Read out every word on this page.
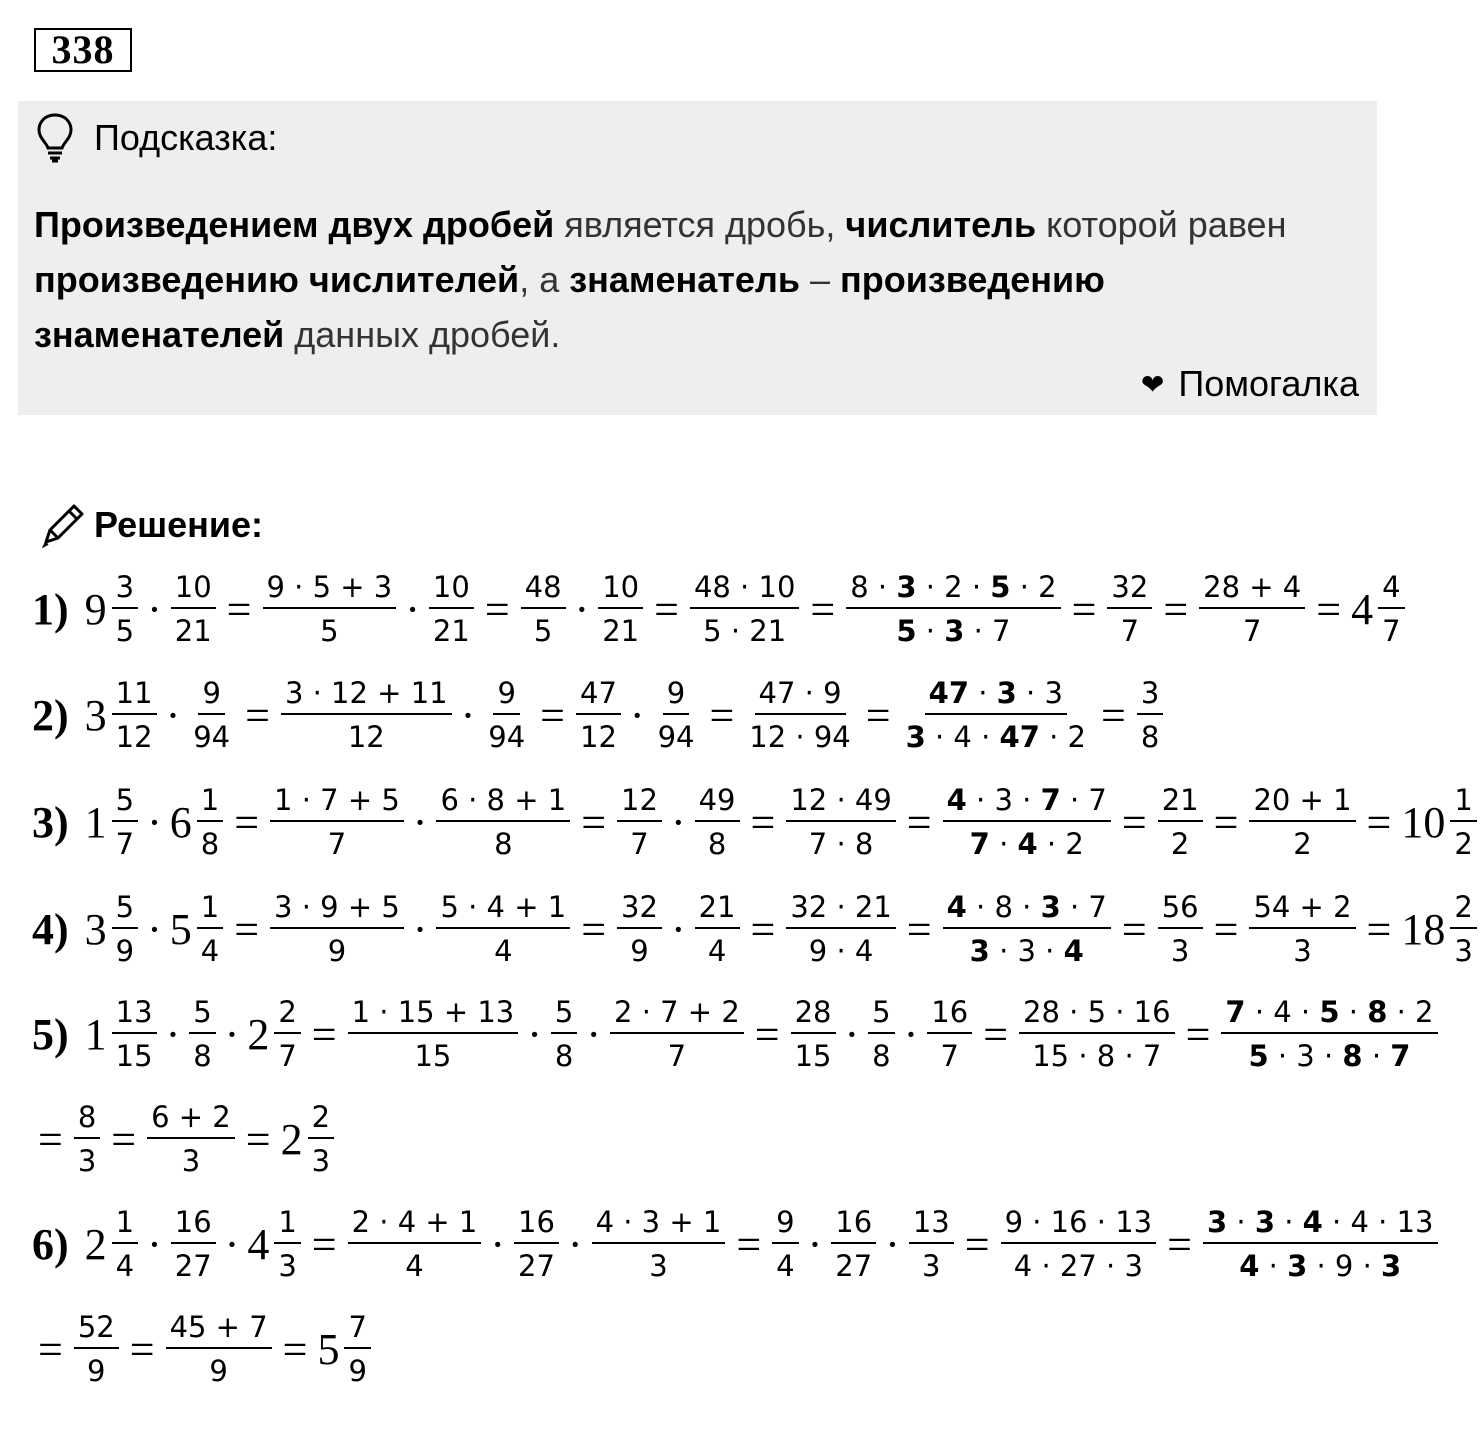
338
Подсказка:
Произведением двух дробей является дробь, числитель которой равен произведению числителей, а знаменатель – произведению знаменателей данных дробей.
❤ Помогалка
Решение:
1) $9 \frac{3}{5} \cdot \frac{10}{21} = \frac{9 \cdot 5 + 3}{5} \cdot \frac{10}{21} = \frac{48}{5} \cdot \frac{10}{21} = \frac{48 \cdot 10}{5 \cdot 21} = \frac{8 \cdot 3 \cdot 2 \cdot 5 \cdot 2}{5 \cdot 3 \cdot 7} = \frac{32}{7} = \frac{28 + 4}{7} = 4 \frac{4}{7}$
2) $3 \frac{11}{12} \cdot \frac{9}{94} = \frac{3 \cdot 12 + 11}{12} \cdot \frac{9}{94} = \frac{47}{12} \cdot \frac{9}{94} = \frac{47 \cdot 9}{12 \cdot 94} = \frac{47 \cdot 3 \cdot 3}{3 \cdot 4 \cdot 47 \cdot 2} = \frac{3}{8}$
3) $1 \frac{5}{7} \cdot 6 \frac{1}{8} = \frac{1 \cdot 7 + 5}{7} \cdot \frac{6 \cdot 8 + 1}{8} = \frac{12}{7} \cdot \frac{49}{8} = \frac{12 \cdot 49}{7 \cdot 8} = \frac{4 \cdot 3 \cdot 7 \cdot 7}{7 \cdot 4 \cdot 2} = \frac{21}{2} = \frac{20 + 1}{2} = 10 \frac{1}{2}$
4) $3 \frac{5}{9} \cdot 5 \frac{1}{4} = \frac{3 \cdot 9 + 5}{9} \cdot \frac{5 \cdot 4 + 1}{4} = \frac{32}{9} \cdot \frac{21}{4} = \frac{32 \cdot 21}{9 \cdot 4} = \frac{4 \cdot 8 \cdot 3 \cdot 7}{3 \cdot 3 \cdot 4} = \frac{56}{3} = \frac{54 + 2}{3} = 18 \frac{2}{3}$
5) $1 \frac{13}{15} \cdot \frac{5}{8} \cdot 2 \frac{2}{7} = \frac{1 \cdot 15 + 13}{15} \cdot \frac{5}{8} \cdot \frac{2 \cdot 7 + 2}{7} = \frac{28}{15} \cdot \frac{5}{8} \cdot \frac{16}{7} = \frac{28 \cdot 5 \cdot 16}{15 \cdot 8 \cdot 7} = \frac{7 \cdot 4 \cdot 5 \cdot 8 \cdot 2}{5 \cdot 3 \cdot 8 \cdot 7}$
= $\frac{8}{3} = \frac{6 + 2}{3} = 2 \frac{2}{3}$
6) $2 \frac{1}{4} \cdot \frac{16}{27} \cdot 4 \frac{1}{3} = \frac{2 \cdot 4 + 1}{4} \cdot \frac{16}{27} \cdot \frac{4 \cdot 3 + 1}{3} = \frac{9}{4} \cdot \frac{16}{27} \cdot \frac{13}{3} = \frac{9 \cdot 16 \cdot 13}{4 \cdot 27 \cdot 3} = \frac{3 \cdot 3 \cdot 4 \cdot 4 \cdot 13}{4 \cdot 3 \cdot 9 \cdot 3}$
= $\frac{52}{9} = \frac{45 + 7}{9} = 5 \frac{7}{9}$
